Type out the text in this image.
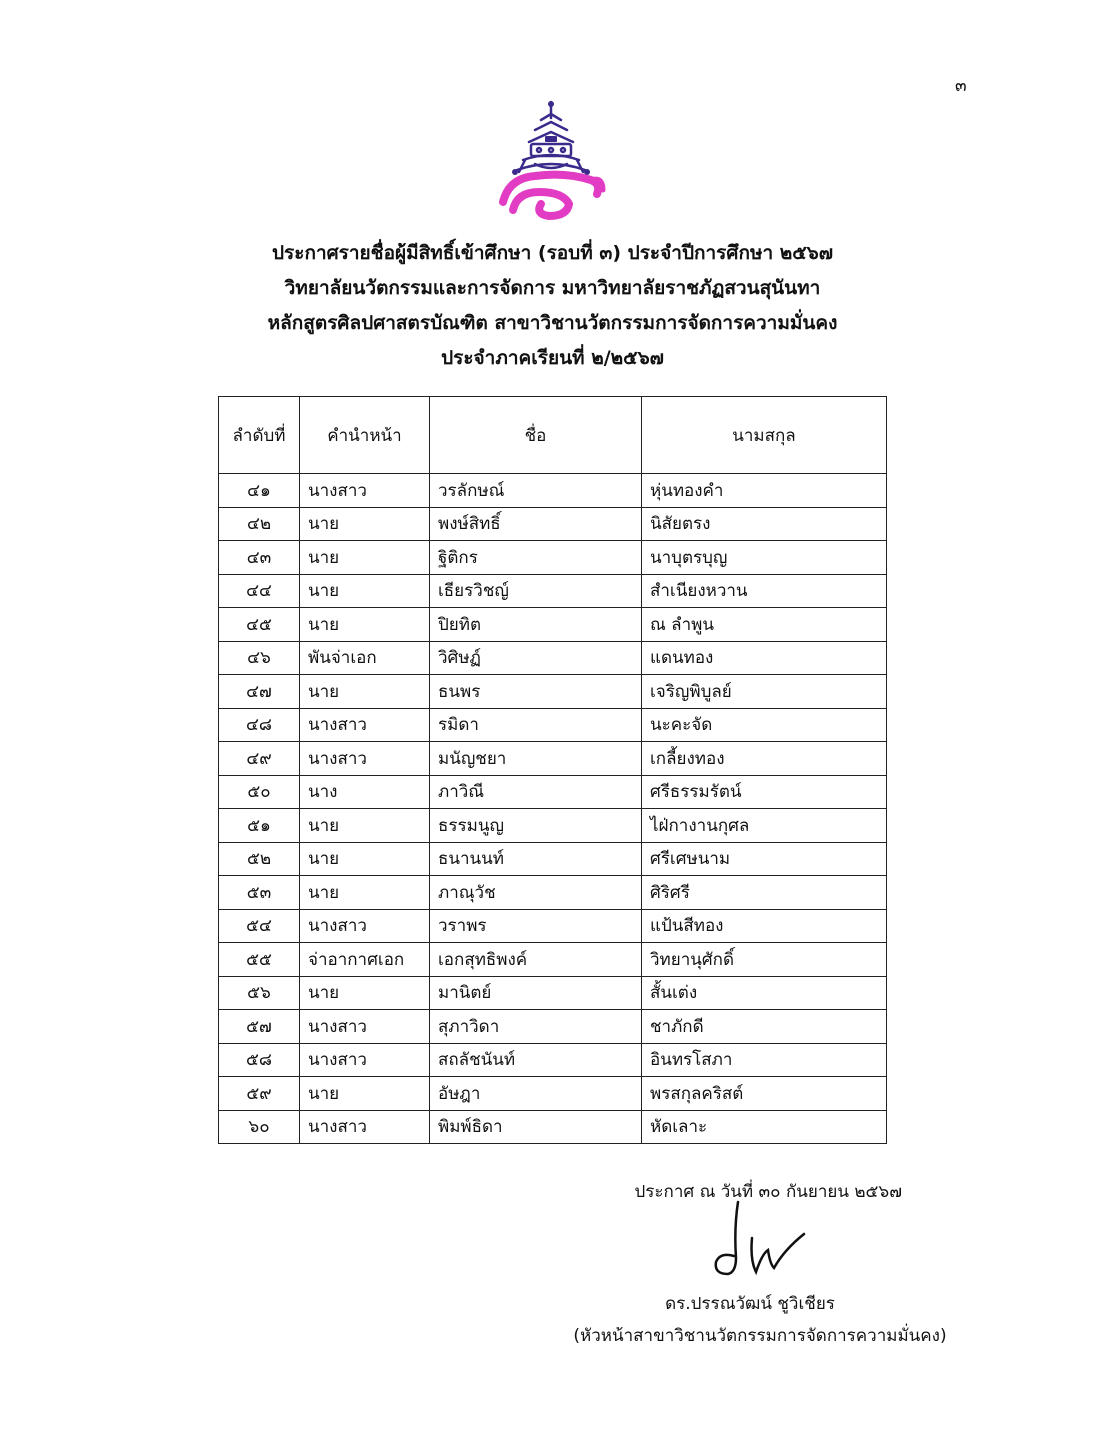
๓
ประกาศรายชื่อผู้มีสิทธิ์เข้าศึกษา (รอบที่ ๓) ประจำปีการศึกษา ๒๕๖๗
วิทยาลัยนวัตกรรมและการจัดการ มหาวิทยาลัยราชภัฏสวนสุนันทา
หลักสูตรศิลปศาสตรบัณฑิต สาขาวิชานวัตกรรมการจัดการความมั่นคง
ประจำภาคเรียนที่ ๒/๒๕๖๗
ลำดับที่	คำนำหน้า	ชื่อ	นามสกุล
๔๑	นางสาว	วรลักษณ์	หุ่นทองคำ
๔๒	นาย	พงษ์สิทธิ์	นิสัยตรง
๔๓	นาย	ฐิติกร	นาบุตรบุญ
๔๔	นาย	เธียรวิชญ์	สำเนียงหวาน
๔๕	นาย	ปิยทิต	ณ ลำพูน
๔๖	พันจ่าเอก	วิศิษฏ์	แดนทอง
๔๗	นาย	ธนพร	เจริญพิบูลย์
๔๘	นางสาว	รมิดา	นะคะจัด
๔๙	นางสาว	มนัญชยา	เกลี้ยงทอง
๕๐	นาง	ภาวิณี	ศรีธรรมรัตน์
๕๑	นาย	ธรรมนูญ	ไฝ่กางานกุศล
๕๒	นาย	ธนานนท์	ศรีเศษนาม
๕๓	นาย	ภาณุวัช	ศิริศรี
๕๔	นางสาว	วราพร	แป้นสีทอง
๕๕	จ่าอากาศเอก	เอกสุทธิพงค์	วิทยานุศักดิ์
๕๖	นาย	มานิตย์	สั้นเต่ง
๕๗	นางสาว	สุภาวิดา	ชาภักดี
๕๘	นางสาว	สถลัชนันท์	อินทรโสภา
๕๙	นาย	อัษฎา	พรสกุลคริสต์
๖๐	นางสาว	พิมพ์ธิดา	หัดเลาะ
ประกาศ ณ วันที่ ๓๐ กันยายน ๒๕๖๗
ดร.ปรรณวัฒน์ ชูวิเชียร
(หัวหน้าสาขาวิชานวัตกรรมการจัดการความมั่นคง)
